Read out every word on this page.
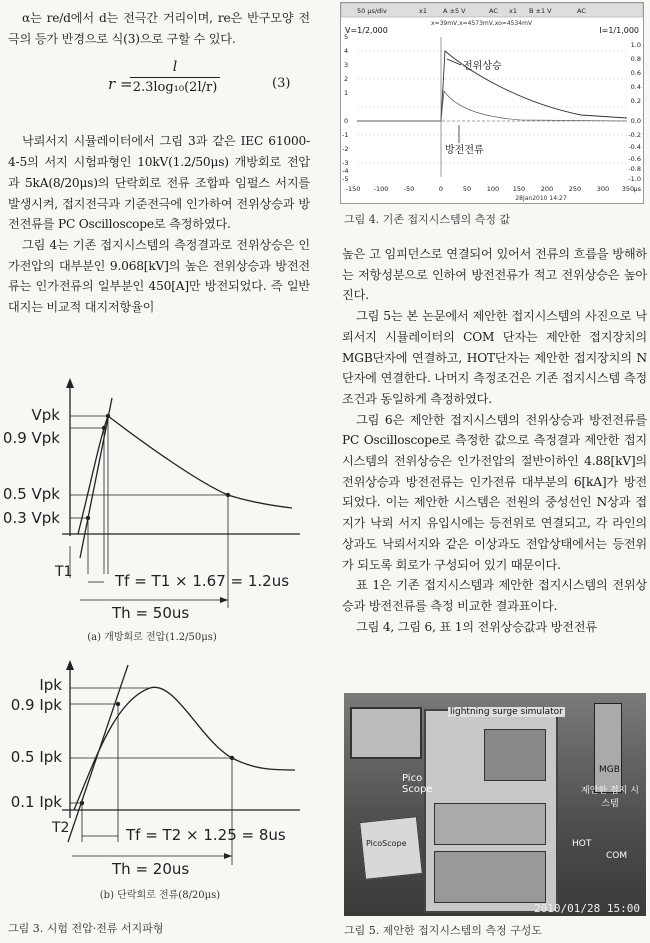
α는 re/d에서 d는 전극간 거리이며, re은 반구모양 전극의 등가 반경으로 식(3)으로 구할 수 있다.

r =
l
2.3log₁₀(2l/r)	(3)

낙뢰서지 시뮬레이터에서 그림 3과 같은 IEC 61000-4-5의 서지 시험파형인 10kV(1.2/50μs) 개방회로 전압과 5kA(8/20μs)의 단락회로 전류 조합파 임펄스 서지를 발생시켜, 접지전극과 기준전극에 인가하여 전위상승과 방전전류를 PC Oscilloscope로 측정하였다.

그림 4는 기존 접지시스템의 측정결과로 전위상승은 인가전압의 대부분인 9.068[kV]의 높은 전위상승과 방전전류는 인가전류의 일부분인 450[A]만 방전되었다. 즉 일반 대지는 비교적 대지저항율이

Vpk
0.9 Vpk
0.5 Vpk
0.3 Vpk
T1	Tf = T1 × 1.67 = 1.2us
Th = 50us
(a) 개방회로 전압(1.2/50μs)
Ipk
0.9 Ipk
0.5 Ipk
0.1 Ipk
T2	Tf = T2 × 1.25 = 8us
Th = 20us
(b) 단락회로 전류(8/20μs)
그림 3. 시험 전압·전류 서지파형
50 μs/div	x1 A ±5 V	AC x1 B ±1 V	AC
x=39mV,x=4573mV,xo=4534mV
V=1/2,000	I=1/1,000
5
4
3
2
1
0
-1
-2
-3
-4
-5
1.0
0.8
0.6
0.4
0.2
0.0
-0.2
-0.4
-0.6
-0.8
-1.0
-150 -100 -50	0	50 100 150 200 250 300 350 μs
28Jan2010 14:27
전위상승
방전전류
그림 4. 기존 접지시스템의 측정 값

높은 고 임피던스로 연결되어 있어서 전류의 흐름을 방해하는 저항성분으로 인하여 방전전류가 적고 전위상승은 높아진다.

그림 5는 본 논문에서 제안한 접지시스템의 사진으로 낙뢰서지 시뮬레이터의 COM 단자는 제안한 접지장치의 MGB단자에 연결하고, HOT단자는 제안한 접지장치의 N단자에 연결한다. 나머지 측정조건은 기존 접지시스템 측정조건과 동일하게 측정하였다.

그림 6은 제안한 접지시스템의 전위상승과 방전전류를 PC Oscilloscope로 측정한 값으로 측정결과 제안한 접지시스템의 전위상승은 인가전압의 절반이하인 4.88[kV]의 전위상승과 방전전류는 인가전류 대부분의 6[kA]가 방전되었다. 이는 제안한 시스템은 전원의 중성선인 N상과 접지가 낙뢰 서지 유입시에는 등전위로 연결되고, 각 라인의 상과도 낙뢰서지와 같은 이상과도 전압상태에서는 등전위가 되도록 회로가 구성되어 있기 때문이다.

표 1은 기존 접지시스템과 제안한 접지시스템의 전위상승과 방전전류를 측정 비교한 결과표이다.

그림 4, 그림 6, 표 1의 전위상승값과 방전전류

lightning surge simulator
Pico Scope	제안한 접지 시스템
MGB
HOT
COM
PicoScope
2010/01/28 15:00
그림 5. 제안한 접지시스템의 측정 구성도
